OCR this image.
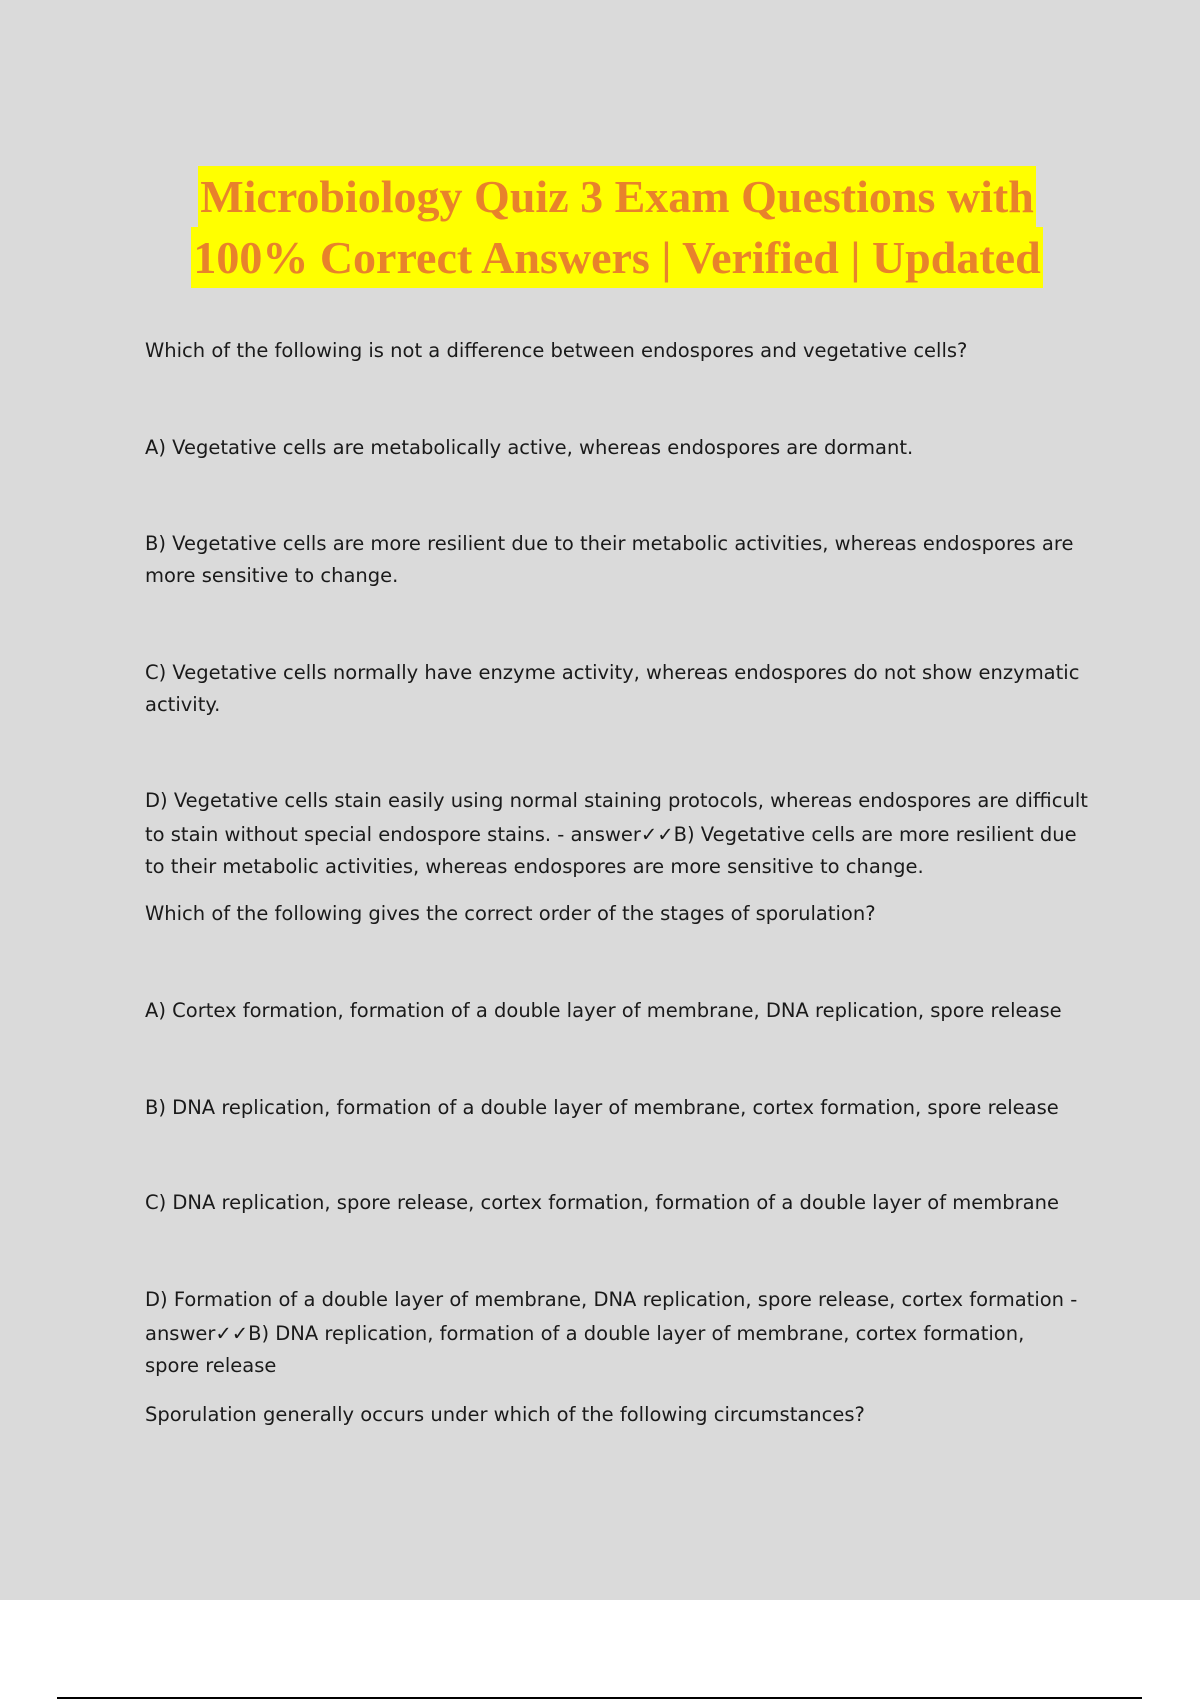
Microbiology Quiz 3 Exam Questions with
100% Correct Answers | Verified | Updated
Which of the following is not a difference between endospores and vegetative cells?
A) Vegetative cells are metabolically active, whereas endospores are dormant.
B) Vegetative cells are more resilient due to their metabolic activities, whereas endospores are
more sensitive to change.
C) Vegetative cells normally have enzyme activity, whereas endospores do not show enzymatic
activity.
D) Vegetative cells stain easily using normal staining protocols, whereas endospores are difficult
to stain without special endospore stains. - answer✓✓B) Vegetative cells are more resilient due
to their metabolic activities, whereas endospores are more sensitive to change.
Which of the following gives the correct order of the stages of sporulation?
A) Cortex formation, formation of a double layer of membrane, DNA replication, spore release
B) DNA replication, formation of a double layer of membrane, cortex formation, spore release
C) DNA replication, spore release, cortex formation, formation of a double layer of membrane
D) Formation of a double layer of membrane, DNA replication, spore release, cortex formation -
answer✓✓B) DNA replication, formation of a double layer of membrane, cortex formation,
spore release
Sporulation generally occurs under which of the following circumstances?
